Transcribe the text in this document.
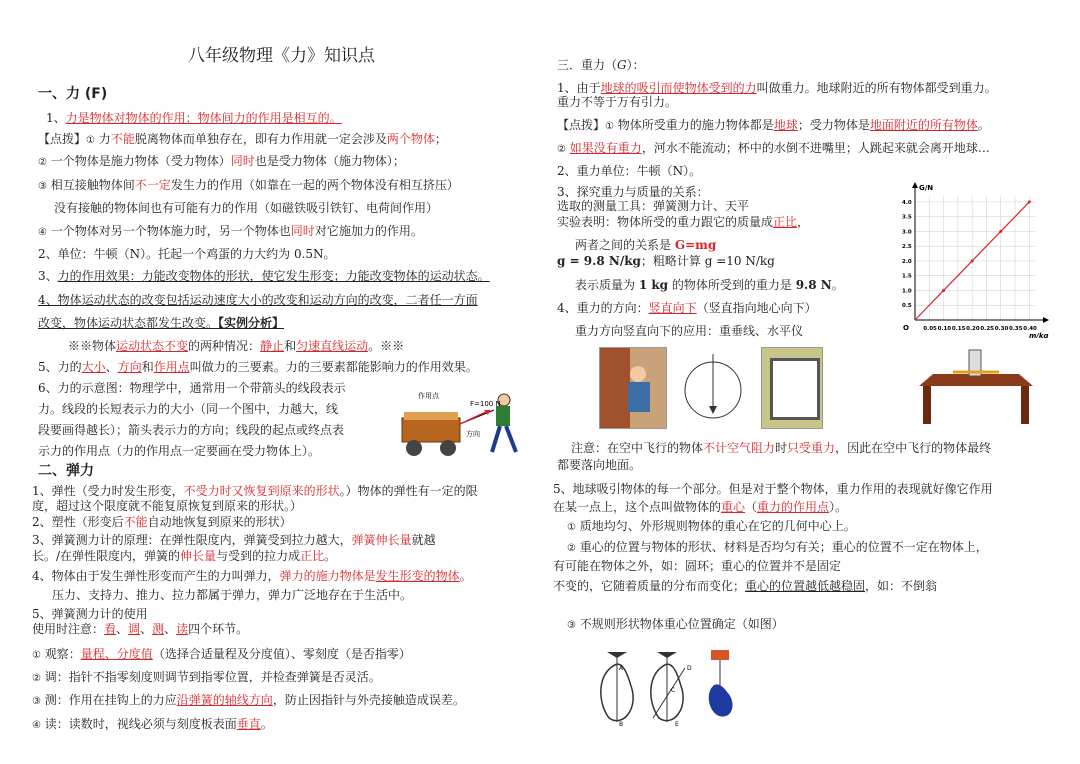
八年级物理《力》知识点
一、力 (F)
1、力是物体对物体的作用；物体间力的作用是相互的。
【点拨】① 力不能脱离物体而单独存在，即有力作用就一定会涉及两个物体；
② 一个物体是施力物体（受力物体）同时也是受力物体（施力物体）；
③ 相互接触物体间不一定发生力的作用（如靠在一起的两个物体没有相互挤压）
没有接触的物体间也有可能有力的作用（如磁铁吸引铁钉、电荷间作用）
④ 一个物体对另一个物体施力时，另一个物体也同时对它施加力的作用。
2、单位：牛顿（N）。托起一个鸡蛋的力大约为 0.5N。
3、力的作用效果：力能改变物体的形状，使它发生形变；力能改变物体的运动状态。
4、物体运动状态的改变包括运动速度大小的改变和运动方向的改变，二者任一方面
改变，物体运动状态都发生改变。【实例分析】
※※物体运动状态不变的两种情况：静止和匀速直线运动。※※
5、力的大小、方向和作用点叫做力的三要素。力的三要素都能影响力的作用效果。
6、力的示意图：物理学中，通常用一个带箭头的线段表示
力。线段的长短表示力的大小（同一个图中，力越大，线
段要画得越长）；箭头表示力的方向；线段的起点或终点表
示力的作用点（力的作用点一定要画在受力物体上）。
作用点
F=100 N
方向
二、弹力
1、弹性（受力时发生形变，不受力时又恢复到原来的形状。）物体的弹性有一定的限
度，超过这个限度就不能复原恢复到原来的形状。）
2、塑性（形变后不能自动地恢复到原来的形状）
3、弹簧测力计的原理：在弹性限度内，弹簧受到拉力越大，弹簧伸长量就越
长。/在弹性限度内，弹簧的伸长量与受到的拉力成正比。
4、物体由于发生弹性形变而产生的力叫弹力，弹力的施力物体是发生形变的物体。
压力、支持力、推力、拉力都属于弹力，弹力广泛地存在于生活中。
5、弹簧测力计的使用
使用时注意：看、调、测、读四个环节。
① 观察：量程、分度值（选择合适量程及分度值）、零刻度（是否指零）
② 调：指针不指零刻度则调节到指零位置，并检查弹簧是否灵活。
③ 测：作用在挂钩上的力应沿弹簧的轴线方向，防止因指针与外壳接触造成误差。
④ 读：读数时，视线必须与刻度板表面垂直。
三．重力（G）：
1、由于地球的吸引而使物体受到的力叫做重力。地球附近的所有物体都受到重力。
重力不等于万有引力。
【点拨】① 物体所受重力的施力物体都是地球；受力物体是地面附近的所有物体。
② 如果没有重力，河水不能流动；杯中的水倒不进嘴里；人跳起来就会离开地球…
2、重力单位：牛顿（N）。
3、探究重力与质量的关系：
选取的测量工具：弹簧测力计、天平
实验表明：物体所受的重力跟它的质量成正比，
两者之间的关系是 G=mg
g = 9.8 N/kg；粗略计算 g =10 N/kg
表示质量为 1 kg 的物体所受到的重力是 9.8 N。
4、重力的方向：竖直向下（竖直指向地心向下）
重力方向竖直向下的应用：重垂线、水平仪	0.05 0.10 0.15 0.20 0.25 0.30 0.35 0.40
0.5
1.0
1.5
2.0
2.5
3.0
3.5
4.0
O
G/N
m/kg
注意：在空中飞行的物体不计空气阻力时只受重力，因此在空中飞行的物体最终
都要落向地面。
5、地球吸引物体的每一个部分。但是对于整个物体，重力作用的表现就好像它作用
在某一点上，这个点叫做物体的重心（重力的作用点）。
① 质地均匀、外形规则物体的重心在它的几何中心上。
② 重心的位置与物体的形状、材料是否均匀有关；重心的位置不一定在物体上，
有可能在物体之外，如：圆环；重心的位置并不是固定
不变的，它随着质量的分布而变化；重心的位置越低越稳固，如：不倒翁
③ 不规则形状物体重心位置确定（如图）
A
B
C
D
E
